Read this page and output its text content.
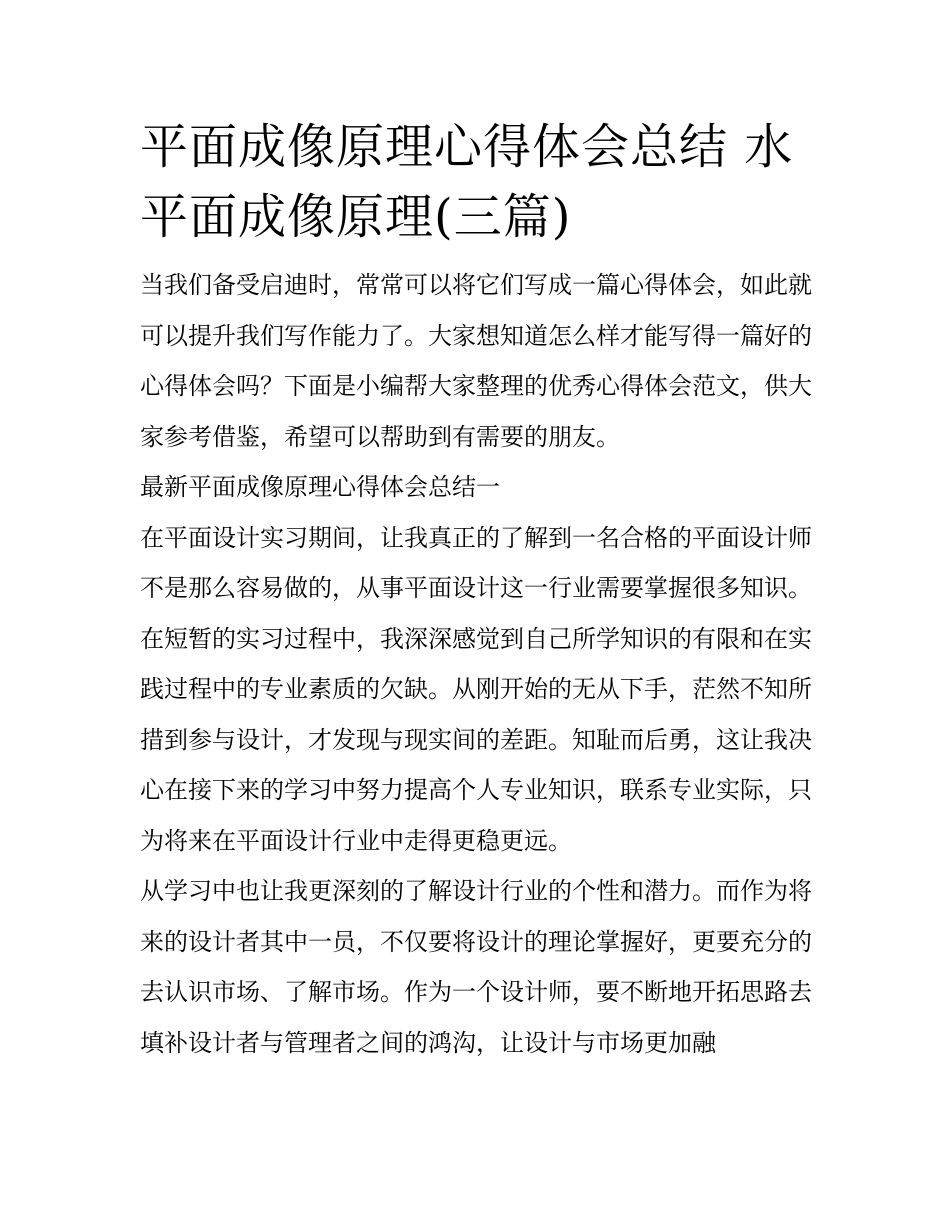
平面成像原理心得体会总结 水平面成像原理(三篇)

当我们备受启迪时，常常可以将它们写成一篇心得体会，如此就可以提升我们写作能力了。大家想知道怎么样才能写得一篇好的心得体会吗？下面是小编帮大家整理的优秀心得体会范文，供大家参考借鉴，希望可以帮助到有需要的朋友。

最新平面成像原理心得体会总结一

在平面设计实习期间，让我真正的了解到一名合格的平面设计师不是那么容易做的，从事平面设计这一行业需要掌握很多知识。在短暂的实习过程中，我深深感觉到自己所学知识的有限和在实践过程中的专业素质的欠缺。从刚开始的无从下手，茫然不知所措到参与设计，才发现与现实间的差距。知耻而后勇，这让我决心在接下来的学习中努力提高个人专业知识，联系专业实际，只为将来在平面设计行业中走得更稳更远。

从学习中也让我更深刻的了解设计行业的个性和潜力。而作为将来的设计者其中一员，不仅要将设计的理论掌握好，更要充分的去认识市场、了解市场。作为一个设计师，要不断地开拓思路去填补设计者与管理者之间的鸿沟，让设计与市场更加融
